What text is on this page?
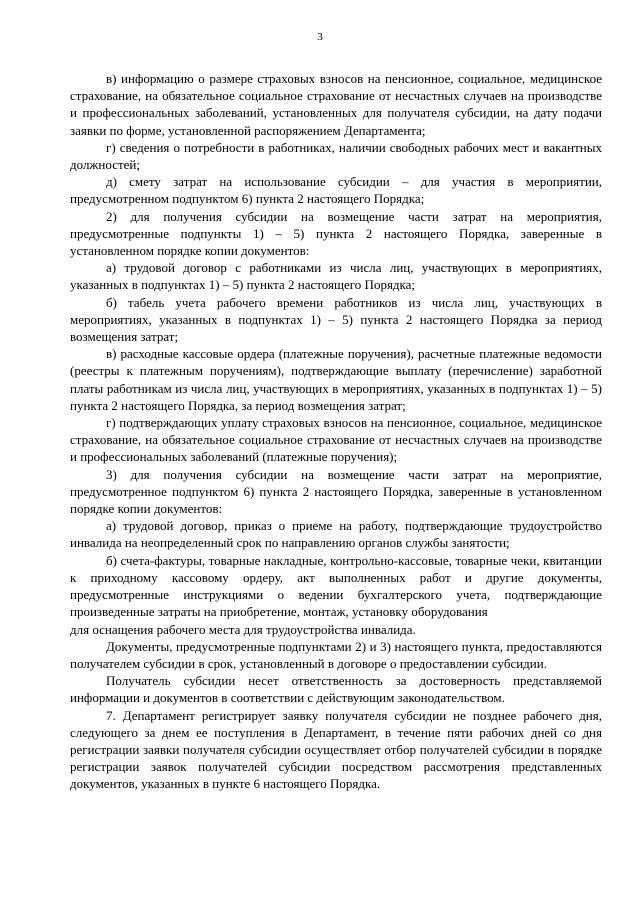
3

в) информацию о размере страховых взносов на пенсионное, социальное, медицинское страхование, на обязательное социальное страхование от несчастных случаев на производстве и профессиональных заболеваний, установленных для получателя субсидии, на дату подачи заявки по форме, установленной распоряжением Департамента;

г) сведения о потребности в работниках, наличии свободных рабочих мест и вакантных должностей;

д) смету затрат на использование субсидии – для участия в мероприятии, предусмотренном подпунктом 6) пункта 2 настоящего Порядка;

2) для получения субсидии на возмещение части затрат на мероприятия, предусмотренные подпункты 1) – 5) пункта 2 настоящего Порядка, заверенные в установленном порядке копии документов:

а) трудовой договор с работниками из числа лиц, участвующих в мероприятиях, указанных в подпунктах 1) – 5) пункта 2 настоящего Порядка;

б) табель учета рабочего времени работников из числа лиц, участвующих в мероприятиях, указанных в подпунктах 1) – 5) пункта 2 настоящего Порядка за период возмещения затрат;

в) расходные кассовые ордера (платежные поручения), расчетные платежные ведомости (реестры к платежным поручениям), подтверждающие выплату (перечисление) заработной платы работникам из числа лиц, участвующих в мероприятиях, указанных в подпунктах 1) – 5) пункта 2 настоящего Порядка, за период возмещения затрат;

г) подтверждающих уплату страховых взносов на пенсионное, социальное, медицинское страхование, на обязательное социальное страхование от несчастных случаев на производстве и профессиональных заболеваний (платежные поручения);

3) для получения субсидии на возмещение части затрат на мероприятие, предусмотренное подпунктом 6) пункта 2 настоящего Порядка, заверенные в установленном порядке копии документов:

а) трудовой договор, приказ о приеме на работу, подтверждающие трудоустройство инвалида на неопределенный срок по направлению органов службы занятости;

б) счета-фактуры, товарные накладные, контрольно-кассовые, товарные чеки, квитанции к приходному кассовому ордеру, акт выполненных работ и другие документы, предусмотренные инструкциями о ведении бухгалтерского учета, подтверждающие произведенные затраты на приобретение, монтаж, установку оборудования

для оснащения рабочего места для трудоустройства инвалида.

Документы, предусмотренные подпунктами 2) и 3) настоящего пункта, предоставляются получателем субсидии в срок, установленный в договоре о предоставлении субсидии.

Получатель субсидии несет ответственность за достоверность представляемой информации и документов в соответствии с действующим законодательством.

7. Департамент регистрирует заявку получателя субсидии не позднее рабочего дня, следующего за днем ее поступления в Департамент, в течение пяти рабочих дней со дня регистрации заявки получателя субсидии осуществляет отбор получателей субсидии в порядке регистрации заявок получателей субсидии посредством рассмотрения представленных документов, указанных в пункте 6 настоящего Порядка.
